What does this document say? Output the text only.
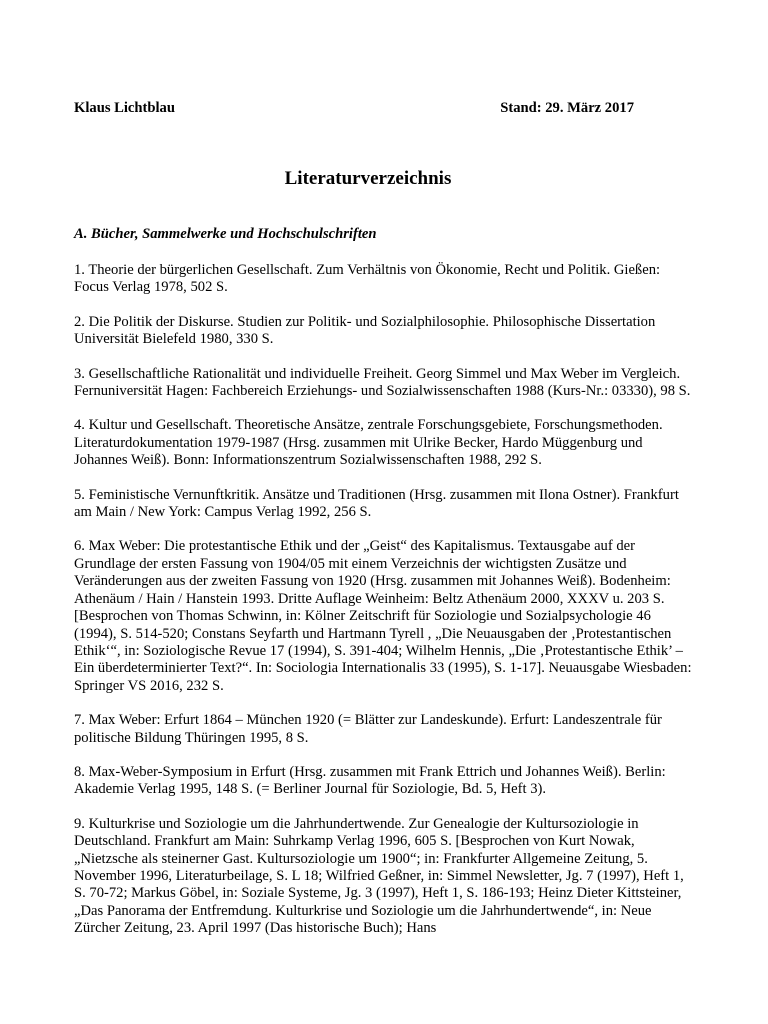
Klaus Lichtblau	Stand: 29. März 2017
Literaturverzeichnis
A. Bücher, Sammelwerke und Hochschulschriften

1. Theorie der bürgerlichen Gesellschaft. Zum Verhältnis von Ökonomie, Recht und Politik. Gießen: Focus Verlag 1978, 502 S.

2. Die Politik der Diskurse. Studien zur Politik- und Sozialphilosophie. Philosophische Dissertation Universität Bielefeld 1980, 330 S.

3. Gesellschaftliche Rationalität und individuelle Freiheit. Georg Simmel und Max Weber im Vergleich. Fernuniversität Hagen: Fachbereich Erziehungs- und Sozialwissenschaften 1988 (Kurs-Nr.: 03330), 98 S.

4. Kultur und Gesellschaft. Theoretische Ansätze, zentrale Forschungsgebiete, Forschungsmethoden. Literaturdokumentation 1979-1987 (Hrsg. zusammen mit Ulrike Becker, Hardo Müggenburg und Johannes Weiß). Bonn: Informationszentrum Sozialwissenschaften 1988, 292 S.

5. Feministische Vernunftkritik. Ansätze und Traditionen (Hrsg. zusammen mit Ilona Ostner). Frankfurt am Main / New York: Campus Verlag 1992, 256 S.

6. Max Weber: Die protestantische Ethik und der „Geist“ des Kapitalismus. Textausgabe auf der Grundlage der ersten Fassung von 1904/05 mit einem Verzeichnis der wichtigsten Zusätze und Veränderungen aus der zweiten Fassung von 1920 (Hrsg. zusammen mit Johannes Weiß). Bodenheim: Athenäum / Hain / Hanstein 1993. Dritte Auflage Weinheim: Beltz Athenäum 2000, XXXV u. 203 S. [Besprochen von Thomas Schwinn, in: Kölner Zeitschrift für Soziologie und Sozialpsychologie 46 (1994), S. 514-520; Constans Seyfarth und Hartmann Tyrell , „Die Neuausgaben der ‚Protestantischen Ethik‘“, in: Soziologische Revue 17 (1994), S. 391-404; Wilhelm Hennis, „Die ‚Protestantische Ethik’ – Ein überdeterminierter Text?“. In: Sociologia Internationalis 33 (1995), S. 1-17]. Neuausgabe Wiesbaden: Springer VS 2016, 232 S.

7. Max Weber: Erfurt 1864 – München 1920 (= Blätter zur Landeskunde). Erfurt: Landeszentrale für politische Bildung Thüringen 1995, 8 S.

8. Max-Weber-Symposium in Erfurt (Hrsg. zusammen mit Frank Ettrich und Johannes Weiß). Berlin: Akademie Verlag 1995, 148 S. (= Berliner Journal für Soziologie, Bd. 5, Heft 3).

9. Kulturkrise und Soziologie um die Jahrhundertwende. Zur Genealogie der Kultursoziologie in Deutschland. Frankfurt am Main: Suhrkamp Verlag 1996, 605 S. [Besprochen von Kurt Nowak, „Nietzsche als steinerner Gast. Kultursoziologie um 1900“; in: Frankfurter Allgemeine Zeitung, 5. November 1996, Literaturbeilage, S. L 18; Wilfried Geßner, in: Simmel Newsletter, Jg. 7 (1997), Heft 1, S. 70-72; Markus Göbel, in: Soziale Systeme, Jg. 3 (1997), Heft 1, S. 186-193; Heinz Dieter Kittsteiner, „Das Panorama der Entfremdung. Kulturkrise und Soziologie um die Jahrhundertwende“, in: Neue Zürcher Zeitung, 23. April 1997 (Das historische Buch); Hans
